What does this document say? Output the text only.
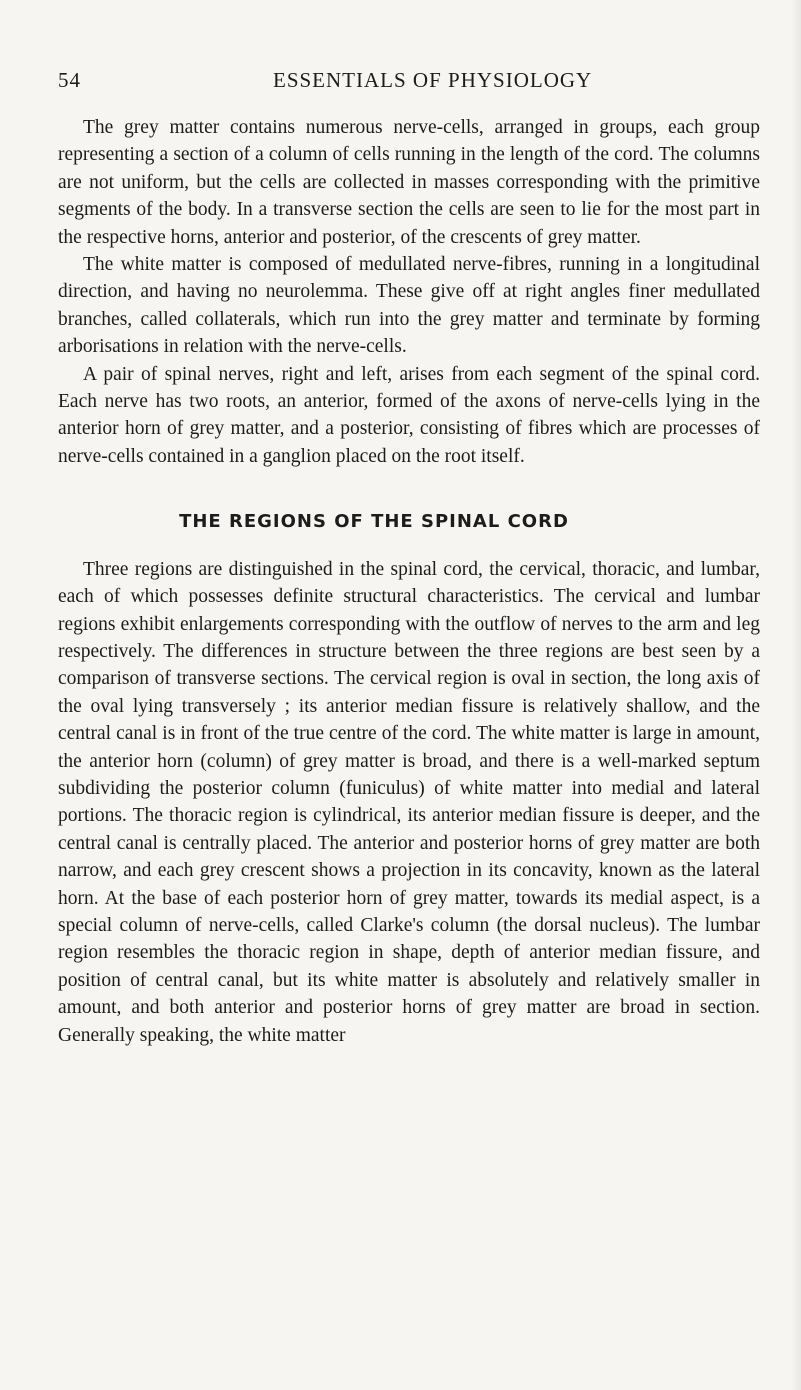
54	ESSENTIALS OF PHYSIOLOGY

The grey matter contains numerous nerve-cells, arranged in groups, each group representing a section of a column of cells running in the length of the cord. The columns are not uniform, but the cells are collected in masses corresponding with the primitive segments of the body. In a transverse section the cells are seen to lie for the most part in the respective horns, anterior and posterior, of the crescents of grey matter.

The white matter is composed of medullated nerve-fibres, running in a longitudinal direction, and having no neurolemma. These give off at right angles finer medullated branches, called collaterals, which run into the grey matter and terminate by forming arborisations in relation with the nerve-cells.

A pair of spinal nerves, right and left, arises from each segment of the spinal cord. Each nerve has two roots, an anterior, formed of the axons of nerve-cells lying in the anterior horn of grey matter, and a posterior, consisting of fibres which are processes of nerve-cells contained in a ganglion placed on the root itself.

THE REGIONS OF THE SPINAL CORD

Three regions are distinguished in the spinal cord, the cervical, thoracic, and lumbar, each of which possesses definite structural characteristics. The cervical and lumbar regions exhibit enlargements corresponding with the outflow of nerves to the arm and leg respectively. The differences in structure between the three regions are best seen by a comparison of transverse sections. The cervical region is oval in section, the long axis of the oval lying transversely ; its anterior median fissure is relatively shallow, and the central canal is in front of the true centre of the cord. The white matter is large in amount, the anterior horn (column) of grey matter is broad, and there is a well-marked septum subdividing the posterior column (funiculus) of white matter into medial and lateral portions. The thoracic region is cylindrical, its anterior median fissure is deeper, and the central canal is centrally placed. The anterior and posterior horns of grey matter are both narrow, and each grey crescent shows a projection in its concavity, known as the lateral horn. At the base of each posterior horn of grey matter, towards its medial aspect, is a special column of nerve-cells, called Clarke's column (the dorsal nucleus). The lumbar region resembles the thoracic region in shape, depth of anterior median fissure, and position of central canal, but its white matter is absolutely and relatively smaller in amount, and both anterior and posterior horns of grey matter are broad in section. Generally speaking, the white matter
